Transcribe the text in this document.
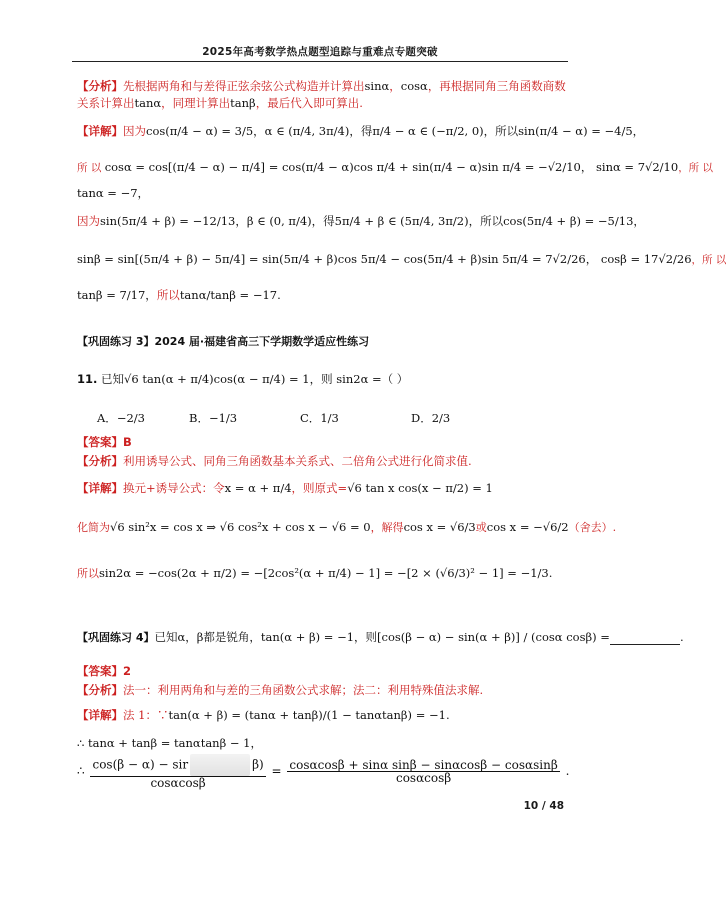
2025年高考数学热点题型追踪与重难点专题突破
【分析】先根据两角和与差得正弦余弦公式构造并计算出sinα，cosα，再根据同角三角函数商数
关系计算出tanα，同理计算出tanβ，最后代入即可算出.
【详解】因为cos(π/4 − α) = 3/5，α ∈ (π/4, 3π/4)，得π/4 − α ∈ (−π/2, 0)，所以sin(π/4 − α) = −4/5，
所 以 cosα = cos[(π/4 − α) − π/4] = cos(π/4 − α)cos π/4 + sin(π/4 − α)sin π/4 = −√2/10， sinα = 7√2/10，所 以
tanα = −7，
因为sin(5π/4 + β) = −12/13，β ∈ (0, π/4)，得5π/4 + β ∈ (5π/4, 3π/2)，所以cos(5π/4 + β) = −5/13，
sinβ = sin[(5π/4 + β) − 5π/4] = sin(5π/4 + β)cos 5π/4 − cos(5π/4 + β)sin 5π/4 = 7√2/26， cosβ = 17√2/26，所 以
tanβ = 7/17，所以tanα/tanβ = −17.
【巩固练习 3】2024 届·福建省高三下学期数学适应性练习
11. 已知√6 tan(α + π/4)cos(α − π/4) = 1，则 sin2α =（ ）
A．−2/3	B．−1/3	C．1/3	D．2/3
【答案】B
【分析】利用诱导公式、同角三角函数基本关系式、二倍角公式进行化简求值.
【详解】换元+诱导公式：令x = α + π/4，则原式=√6 tan x cos(x − π/2) = 1
化简为√6 sin²x = cos x ⇒ √6 cos²x + cos x − √6 = 0，解得cos x = √6/3或cos x = −√6/2（舍去）.
所以sin2α = −cos(2α + π/2) = −[2cos²(α + π/4) − 1] = −[2 × (√6/3)² − 1] = −1/3.
【巩固练习 4】已知α，β都是锐角，tan(α + β) = −1，则[cos(β − α) − sin(α + β)] / (cosα cosβ) =	.
【答案】2
【分析】法一：利用两角和与差的三角函数公式求解；法二：利用特殊值法求解.
【详解】法 1：∵tan(α + β) = (tanα + tanβ)/(1 − tanαtanβ) = −1.
∴ tanα + tanβ = tanαtanβ − 1，
∴ cos(β − α) − sir	β)
$\cos\alpha\cos\beta = \frac{\text{cosαcosβ + sinα sinβ − sinαcosβ − cosαsinβ}}{\cos\alpha\cos\beta}$ .
10 / 48
